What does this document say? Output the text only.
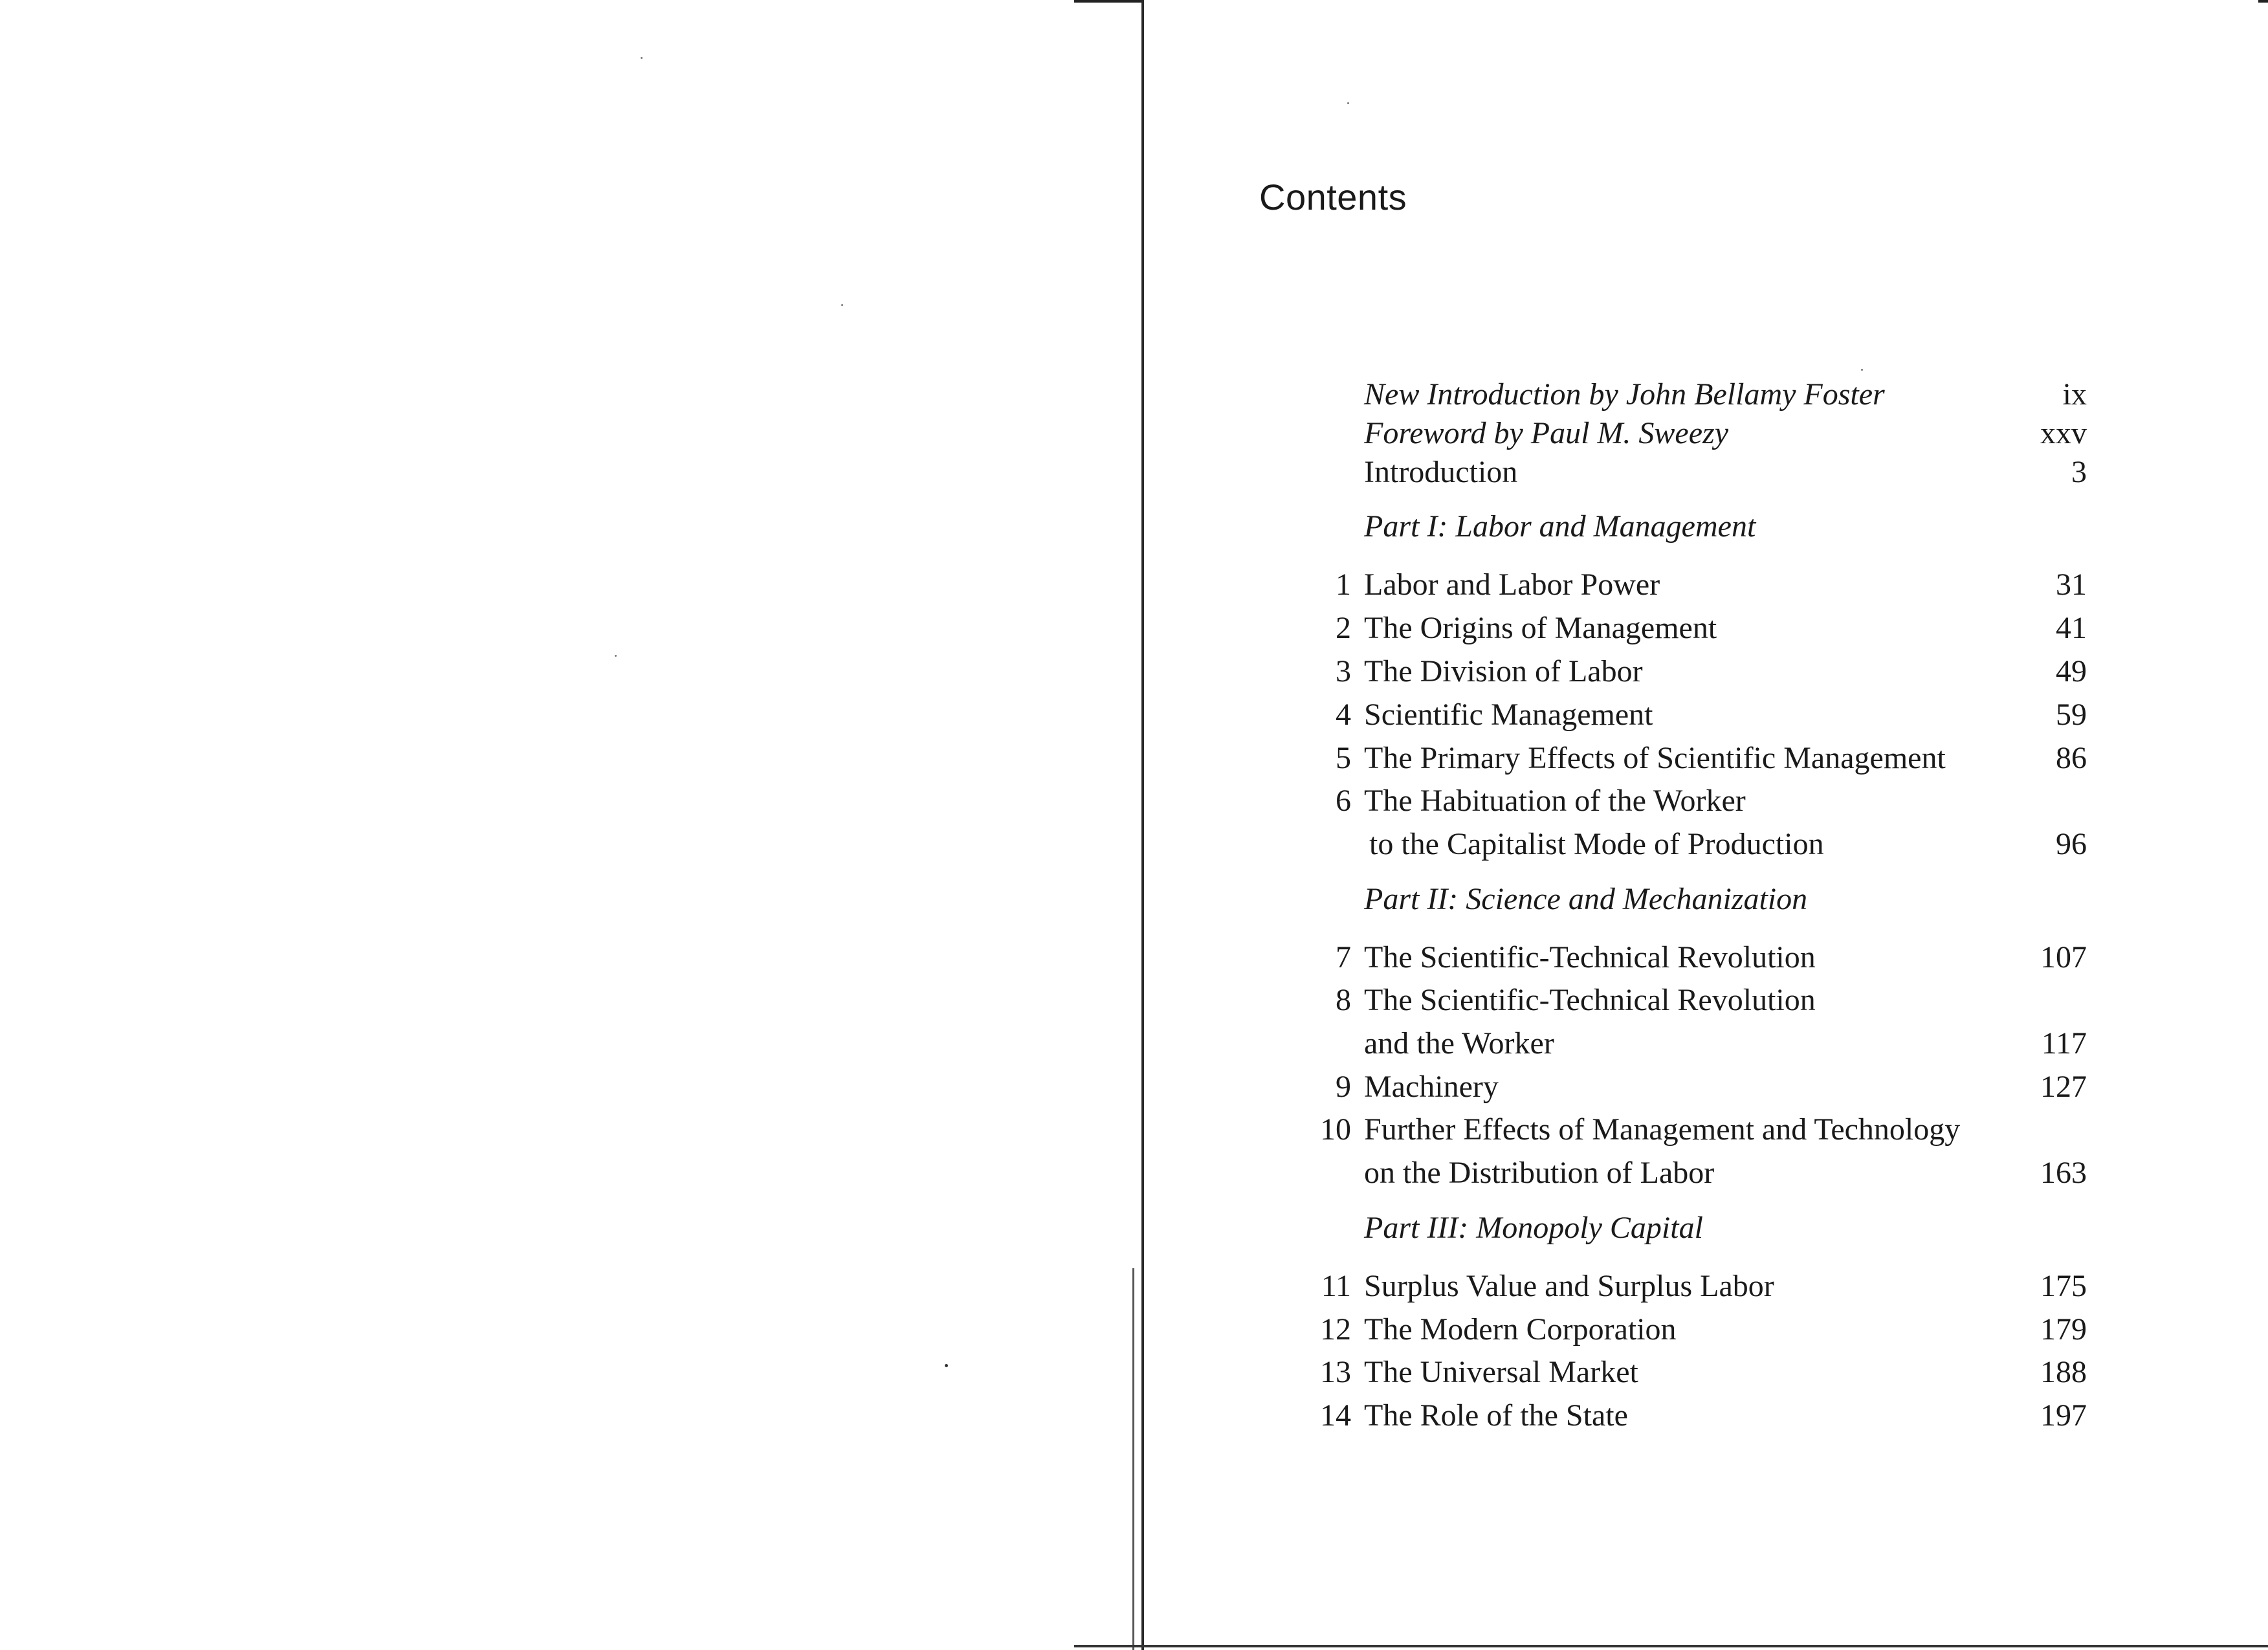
Contents
New Introduction by John Bellamy Foster	ix
Foreword by Paul M. Sweezy	xxv
Introduction	3
Part I: Labor and Management
1 Labor and Labor Power	31
2 The Origins of Management	41
3 The Division of Labor	49
4 Scientific Management	59
5 The Primary Effects of Scientific Management	86
6 The Habituation of the Worker
to the Capitalist Mode of Production	96
Part II: Science and Mechanization
7 The Scientific-Technical Revolution	107
8 The Scientific-Technical Revolution
and the Worker	117
9 Machinery	127
10 Further Effects of Management and Technology
on the Distribution of Labor	163
Part III: Monopoly Capital
11 Surplus Value and Surplus Labor	175
12 The Modern Corporation	179
13 The Universal Market	188
14 The Role of the State	197
